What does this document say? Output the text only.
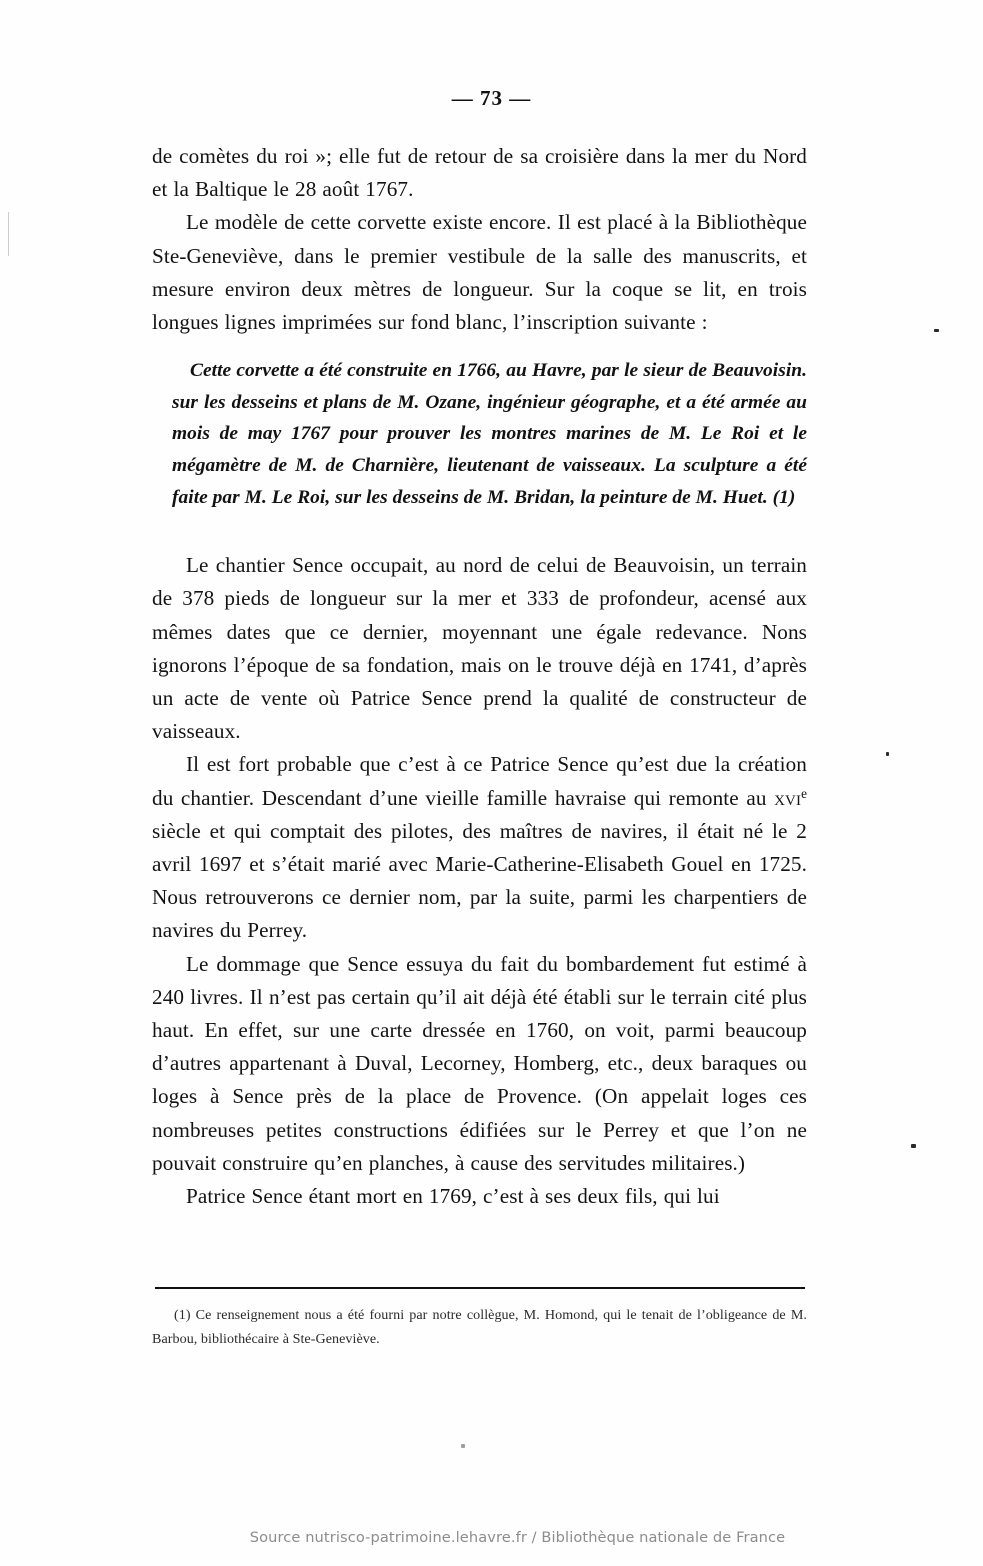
— 73 —

de comètes du roi »; elle fut de retour de sa croisière dans la mer du Nord et la Baltique le 28 août 1767.

Le modèle de cette corvette existe encore. Il est placé à la Bibliothèque Ste-Geneviève, dans le premier vestibule de la salle des manuscrits, et mesure environ deux mètres de longueur. Sur la coque se lit, en trois longues lignes imprimées sur fond blanc, l’inscription suivante :

Cette corvette a été construite en 1766, au Havre, par le sieur de Beauvoisin. sur les desseins et plans de M. Ozane, ingénieur géographe, et a été armée au mois de may 1767 pour prouver les montres marines de M. Le Roi et le mégamètre de M. de Charnière, lieutenant de vaisseaux. La sculpture a été faite par M. Le Roi, sur les desseins de M. Bridan, la peinture de M. Huet. (1)

Le chantier Sence occupait, au nord de celui de Beauvoisin, un terrain de 378 pieds de longueur sur la mer et 333 de profondeur, acensé aux mêmes dates que ce dernier, moyennant une égale redevance. Nons ignorons l’époque de sa fondation, mais on le trouve déjà en 1741, d’après un acte de vente où Patrice Sence prend la qualité de constructeur de vaisseaux.

Il est fort probable que c’est à ce Patrice Sence qu’est due la création du chantier. Descendant d’une vieille famille havraise qui remonte au xvi$^e$ siècle et qui comptait des pilotes, des maîtres de navires, il était né le 2 avril 1697 et s’était marié avec Marie-Catherine-Elisabeth Gouel en 1725. Nous retrouverons ce dernier nom, par la suite, parmi les charpentiers de navires du Perrey.

Le dommage que Sence essuya du fait du bombardement fut estimé à 240 livres. Il n’est pas certain qu’il ait déjà été établi sur le terrain cité plus haut. En effet, sur une carte dressée en 1760, on voit, parmi beaucoup d’autres appartenant à Duval, Lecorney, Homberg, etc., deux baraques ou loges à Sence près de la place de Provence. (On appelait loges ces nombreuses petites constructions édifiées sur le Perrey et que l’on ne pouvait construire qu’en planches, à cause des servitudes militaires.)

Patrice Sence étant mort en 1769, c’est à ses deux fils, qui lui

(1) Ce renseignement nous a été fourni par notre collègue, M. Homond, qui le tenait de l’obligeance de M. Barbou, bibliothécaire à Ste-Geneviève.
Source nutrisco-patrimoine.lehavre.fr / Bibliothèque nationale de France
